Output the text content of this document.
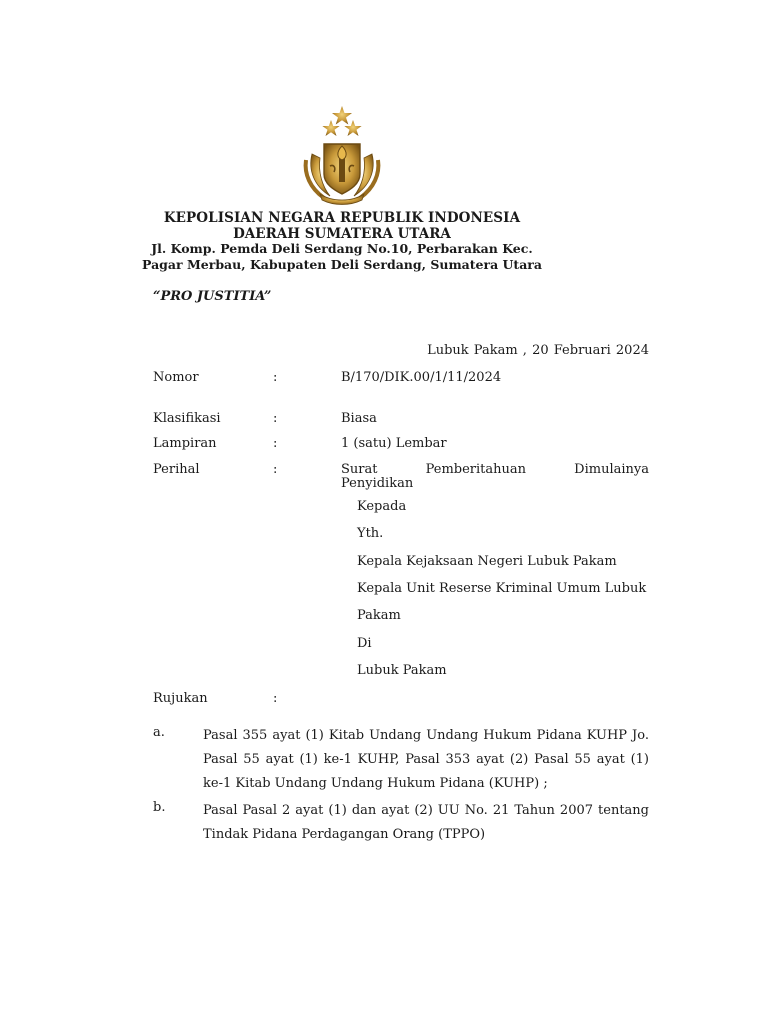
KEPOLISIAN NEGARA REPUBLIK INDONESIA
DAERAH SUMATERA UTARA
Jl. Komp. Pemda Deli Serdang No.10, Perbarakan Kec.
Pagar Merbau, Kabupaten Deli Serdang, Sumatera Utara
“PRO JUSTITIA”
Lubuk Pakam , 20 Februari 2024
Nomor	:	B/170/DIK.00/1/11/2024
Klasifikasi	:	Biasa
Lampiran	:	1 (satu) Lembar
Perihal	:	Surat	Pemberitahuan	Dimulainya
Penyidikan
Kepada
Yth.
Kepala Kejaksaan Negeri Lubuk Pakam
Kepala Unit Reserse Kriminal Umum Lubuk
Pakam
Di
Lubuk Pakam
Rujukan	:
a.	Pasal 355 ayat (1) Kitab Undang Undang Hukum Pidana KUHP Jo. Pasal 55 ayat (1) ke-1 KUHP, Pasal 353 ayat (2) Pasal 55 ayat (1) ke-1 Kitab Undang Undang Hukum Pidana (KUHP) ;
b.	Pasal Pasal 2 ayat (1) dan ayat (2) UU No. 21 Tahun 2007 tentang Tindak Pidana Perdagangan Orang (TPPO)
